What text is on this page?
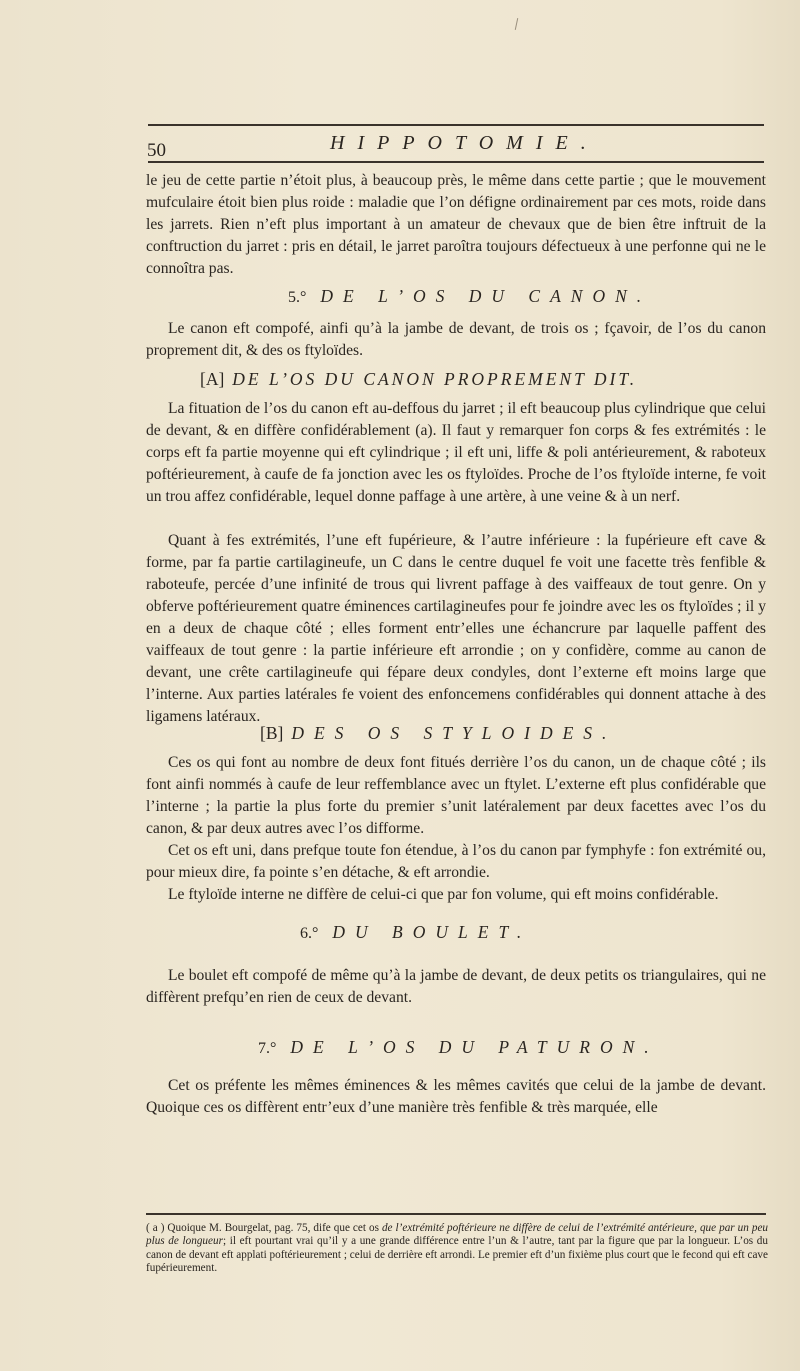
50	HIPPOTOMIE.

le jeu de cette partie n’étoit plus, à beaucoup près, le même dans cette partie ; que le mouvement mufculaire étoit bien plus roide : maladie que l’on défigne ordinairement par ces mots, roide dans les jarrets. Rien n’eft plus important à un amateur de chevaux que de bien être inftruit de la conftruction du jarret : pris en détail, le jarret paroîtra toujours défectueux à une perfonne qui ne le connoîtra pas.

5.° DE L’OS DU CANON.

Le canon eft compofé, ainfi qu’à la jambe de devant, de trois os ; fçavoir, de l’os du canon proprement dit, & des os ftyloïdes.

[A] DE L’OS DU CANON PROPREMENT DIT.

La fituation de l’os du canon eft au-deffous du jarret ; il eft beaucoup plus cylindrique que celui de devant, & en diffère confidérablement (a). Il faut y remarquer fon corps & fes extrémités : le corps eft fa partie moyenne qui eft cylindrique ; il eft uni, liffe & poli antérieurement, & raboteux poftérieurement, à caufe de fa jonction avec les os ftyloïdes. Proche de l’os ftyloïde interne, fe voit un trou affez confidérable, lequel donne paffage à une artère, à une veine & à un nerf.

Quant à fes extrémités, l’une eft fupérieure, & l’autre inférieure : la fupérieure eft cave & forme, par fa partie cartilagineufe, un C dans le centre duquel fe voit une facette très fenfible & raboteufe, percée d’une infinité de trous qui livrent paffage à des vaiffeaux de tout genre. On y obferve poftérieurement quatre éminences cartilagineufes pour fe joindre avec les os ftyloïdes ; il y en a deux de chaque côté ; elles forment entr’elles une échancrure par laquelle paffent des vaiffeaux de tout genre : la partie inférieure eft arrondie ; on y confidère, comme au canon de devant, une crête cartilagineufe qui fépare deux condyles, dont l’externe eft moins large que l’interne. Aux parties latérales fe voient des enfoncemens confidérables qui donnent attache à des ligamens latéraux.

[B] DES OS STYLOIDES.

Ces os qui font au nombre de deux font fitués derrière l’os du canon, un de chaque côté ; ils font ainfi nommés à caufe de leur reffemblance avec un ftylet. L’externe eft plus confidérable que l’interne ; la partie la plus forte du premier s’unit latéralement par deux facettes avec l’os du canon, & par deux autres avec l’os difforme.

Cet os eft uni, dans prefque toute fon étendue, à l’os du canon par fymphyfe : fon extrémité ou, pour mieux dire, fa pointe s’en détache, & eft arrondie.

Le ftyloïde interne ne diffère de celui-ci que par fon volume, qui eft moins confidérable.

6.° DU BOULET.

Le boulet eft compofé de même qu’à la jambe de devant, de deux petits os triangulaires, qui ne diffèrent prefqu’en rien de ceux de devant.

7.° DE L’OS DU PATURON.

Cet os préfente les mêmes éminences & les mêmes cavités que celui de la jambe de devant. Quoique ces os diffèrent entr’eux d’une manière très fenfible & très marquée, elle

( a ) Quoique M. Bourgelat, pag. 75, dife que cet os de l’extrémité poftérieure ne diffère de celui de l’extrémité antérieure, que par un peu plus de longueur; il eft pourtant vrai qu’il y a une grande différence entre l’un & l’autre, tant par la figure que par la longueur. L’os du canon de devant eft applati poftérieurement ; celui de derrière eft arrondi. Le premier eft d’un fixième plus court que le fecond qui eft cave fupérieurement.
